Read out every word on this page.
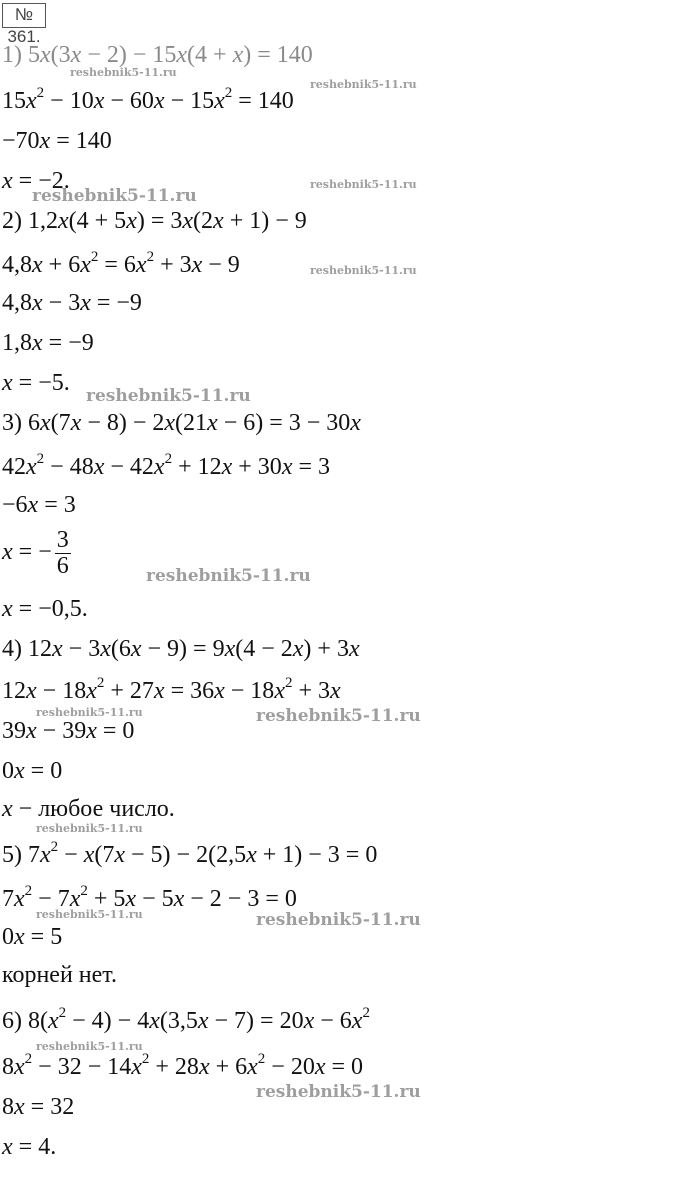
№ 361.
1) 5x(3x − 2) − 15x(4 + x) = 140
$15x^2 - 10x - 60x - 15x^2 = 140$
−70x = 140
x = −2.
2) 1,2x(4 + 5x) = 3x(2x + 1) − 9
$4,8x + 6x^2 = 6x^2 + 3x - 9$
4,8x − 3x = −9
1,8x = −9
x = −5.
3) 6x(7x − 8) − 2x(21x − 6) = 3 − 30x
$42x^2 - 48x - 42x^2 + 12x + 30x = 3$
−6x = 3
x = − $\frac{3}{6}$
x = −0,5.
4) 12x − 3x(6x − 9) = 9x(4 − 2x) + 3x
$12x - 18x^2 + 27x = 36x - 18x^2 + 3x$
39x − 39x = 0
0x = 0
x − любое число.
5) $7x^2 - x(7x - 5) - 2(2,5x + 1) - 3 = 0$
$7x^2 - 7x^2 + 5x - 5x - 2 - 3 = 0$
0x = 5
корней нет.
6) $8(x^2 - 4) - 4x(3,5x - 7) = 20x - 6x^2$
$8x^2 - 32 - 14x^2 + 28x + 6x^2 - 20x = 0$
8x = 32
x = 4.
reshebnik5-11.ru
reshebnik5-11.ru
reshebnik5-11.ru
reshebnik5-11.ru
reshebnik5-11.ru
reshebnik5-11.ru
reshebnik5-11.ru
reshebnik5-11.ru	reshebnik5-11.ru
reshebnik5-11.ru
reshebnik5-11.ru	reshebnik5-11.ru
reshebnik5-11.ru
reshebnik5-11.ru
